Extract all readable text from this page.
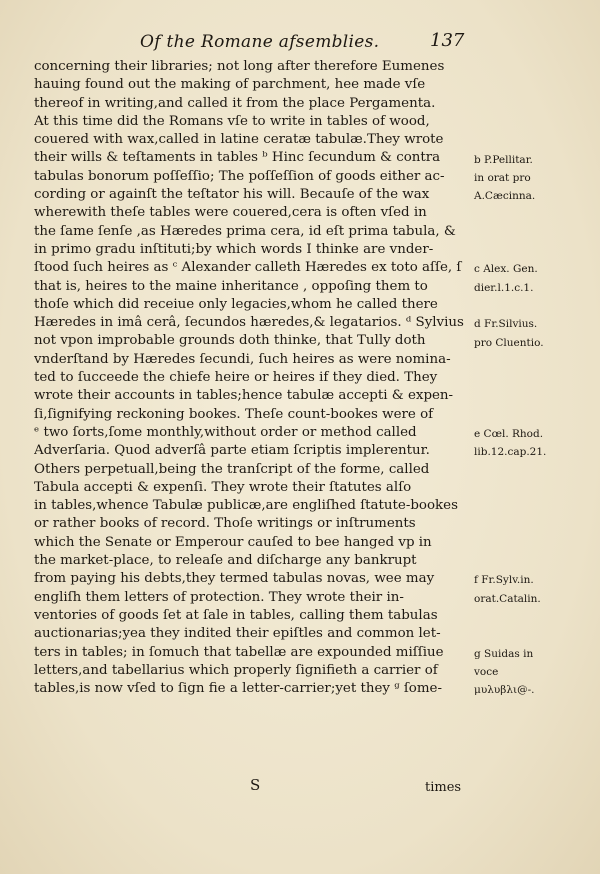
Of the Romane afsemblies.	137
concerning their libraries; not long after therefore Eumenes
hauing found out the making of parchment, hee made vſe
thereof in writing,and called it from the place Pergamenta.
At this time did the Romans vſe to write in tables of wood,
couered with wax,called in latine ceratæ tabulæ.They wrote
their wills & teſtaments in tables ᵇ Hinc ſecundum & contra
tabulas bonorum poſſeſſio; The poſſeſſion of goods either ac-
cording or againſt the teſtator his will. Becauſe of the wax
wherewith theſe tables were couered,cera is often vſed in
the ſame ſenſe ,as Hæredes prima cera, id eſt prima tabula, &
in primo gradu inſtituti;by which words I thinke are vnder-
ſtood ſuch heires as ᶜ Alexander calleth Hæredes ex toto aſſe, ſ
that is, heires to the maine inheritance , oppoſing them to
thoſe which did receiue only legacies,whom he called there
Hæredes in imâ cerâ, ſecundos hæredes,& legatarios. ᵈ Sylvius
not vpon improbable grounds doth thinke, that Tully doth
vnderſtand by Hæredes ſecundi, ſuch heires as were nomina-
ted to ſucceede the chiefe heire or heires if they died. They
wrote their accounts in tables;hence tabulæ accepti & expen-
ſi,ſignifying reckoning bookes. Theſe count-bookes were of
ᵉ two ſorts,ſome monthly,without order or method called
Adverſaria. Quod adverſâ parte etiam ſcriptis implerentur.
Others perpetuall,being the tranſcript of the forme, called
Tabula accepti & expenſi. They wrote their ſtatutes alſo
in tables,whence Tabulæ publicæ,are engliſhed ſtatute-bookes
or rather books of record. Thoſe writings or inſtruments
which the Senate or Emperour cauſed to bee hanged vp in
the market-place, to releaſe and diſcharge any bankrupt
from paying his debts,they termed tabulas novas, wee may
engliſh them letters of protection. They wrote their in-
ventories of goods ſet at ſale in tables, calling them tabulas
auctionarias;yea they indited their epiſtles and common let-
ters in tables; in ſomuch that tabellæ are expounded miſſiue
letters,and tabellarius which properly ſignifieth a carrier of
tables,is now vſed to ſign fie a letter-carrier;yet they ᵍ ſome-
b P.Pellitar.
in orat pro
A.Cæcinna.
c Alex. Gen.
dier.l.1.c.1.
d Fr.Silvius.
pro Cluentio.
e Cœl. Rhod.
lib.12.cap.21.
f Fr.Sylv.in.
orat.Catalin.
g Suidas in
voce
μυλυβλι@-.
S	times
